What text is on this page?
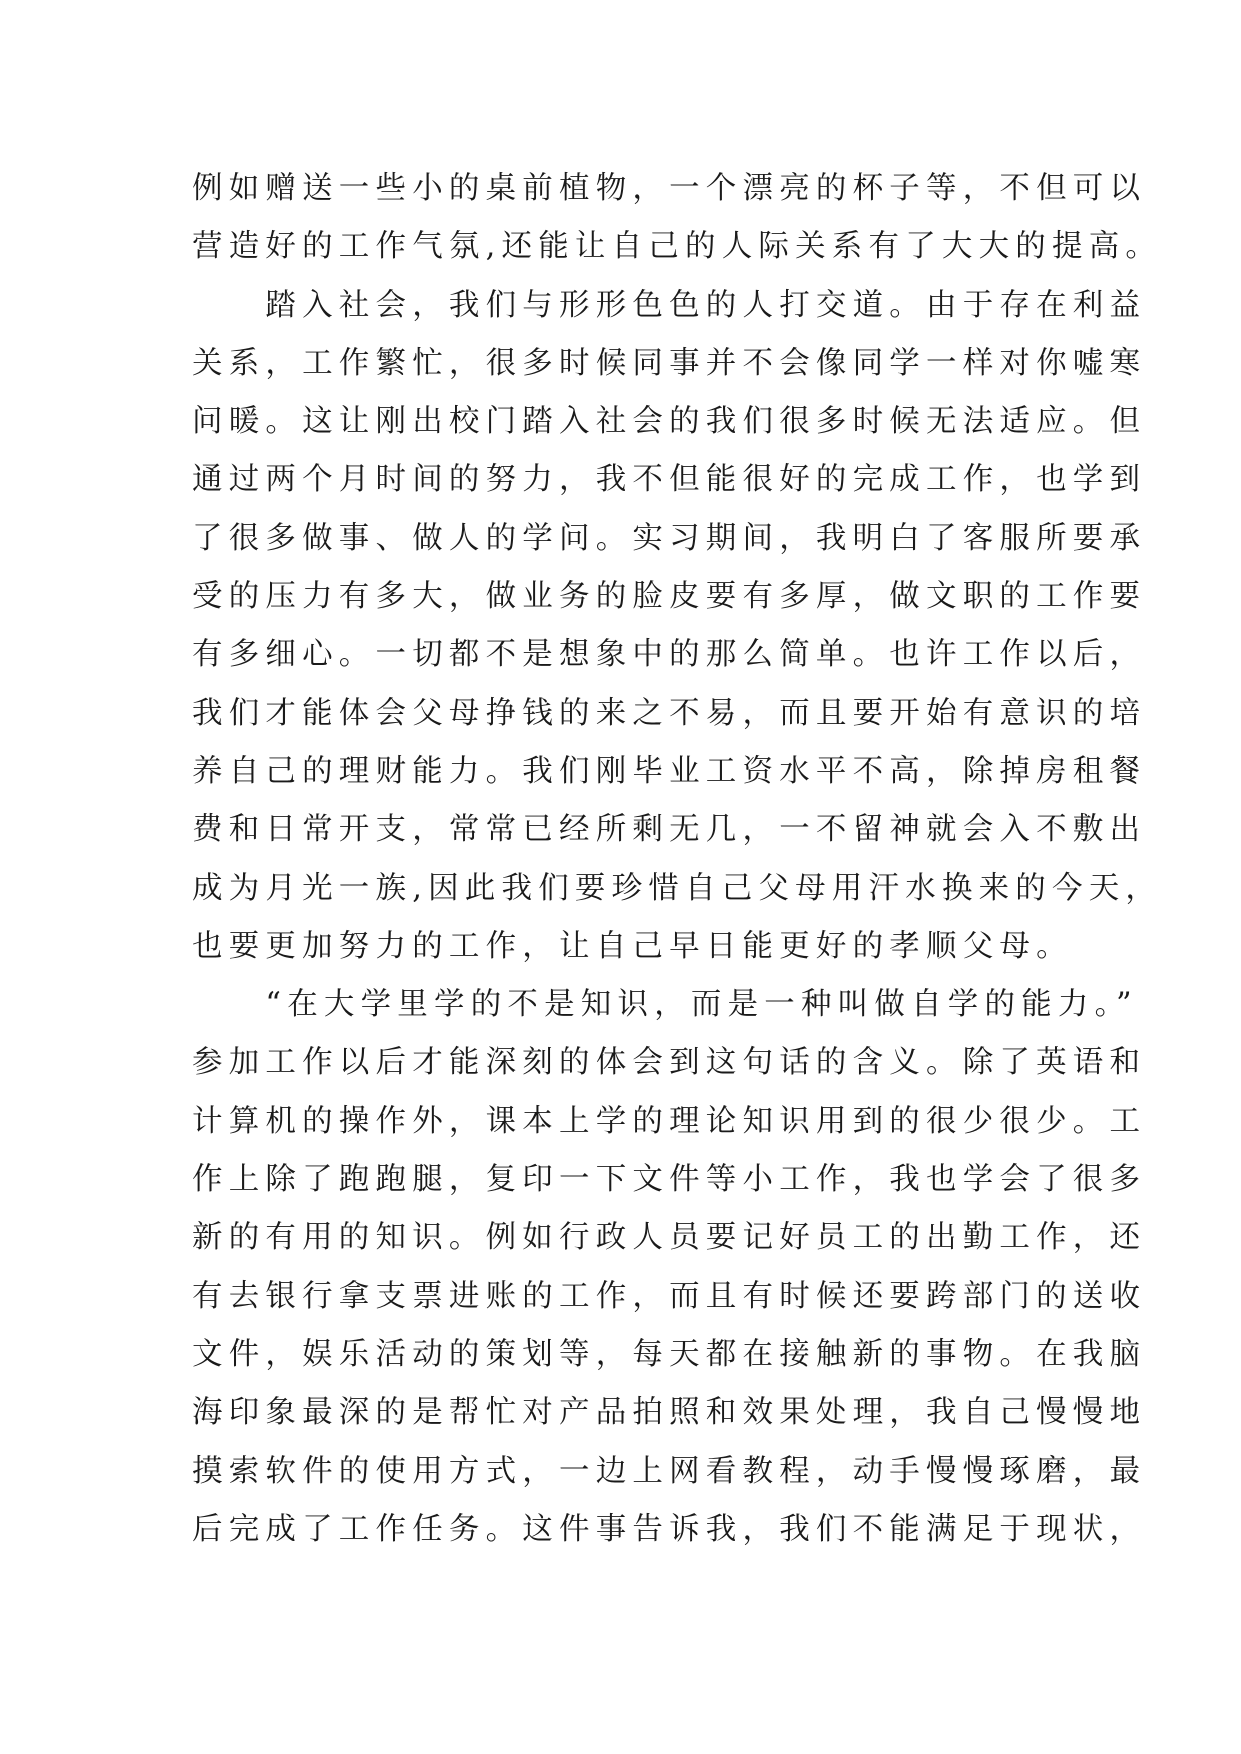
例如赠送一些小的桌前植物，一个漂亮的杯子等，不但可以
营造好的工作气氛,还能让自己的人际关系有了大大的提高。
　　踏入社会，我们与形形色色的人打交道。由于存在利益
关系，工作繁忙，很多时候同事并不会像同学一样对你嘘寒
问暖。这让刚出校门踏入社会的我们很多时候无法适应。但
通过两个月时间的努力，我不但能很好的完成工作，也学到
了很多做事、做人的学问。实习期间，我明白了客服所要承
受的压力有多大，做业务的脸皮要有多厚，做文职的工作要
有多细心。一切都不是想象中的那么简单。也许工作以后，
我们才能体会父母挣钱的来之不易，而且要开始有意识的培
养自己的理财能力。我们刚毕业工资水平不高，除掉房租餐
费和日常开支，常常已经所剩无几，一不留神就会入不敷出
成为月光一族,因此我们要珍惜自己父母用汗水换来的今天，
也要更加努力的工作，让自己早日能更好的孝顺父母。
　　“在大学里学的不是知识，而是一种叫做自学的能力。”
参加工作以后才能深刻的体会到这句话的含义。除了英语和
计算机的操作外，课本上学的理论知识用到的很少很少。工
作上除了跑跑腿，复印一下文件等小工作，我也学会了很多
新的有用的知识。例如行政人员要记好员工的出勤工作，还
有去银行拿支票进账的工作，而且有时候还要跨部门的送收
文件，娱乐活动的策划等，每天都在接触新的事物。在我脑
海印象最深的是帮忙对产品拍照和效果处理，我自己慢慢地
摸索软件的使用方式，一边上网看教程，动手慢慢琢磨，最
后完成了工作任务。这件事告诉我，我们不能满足于现状，
